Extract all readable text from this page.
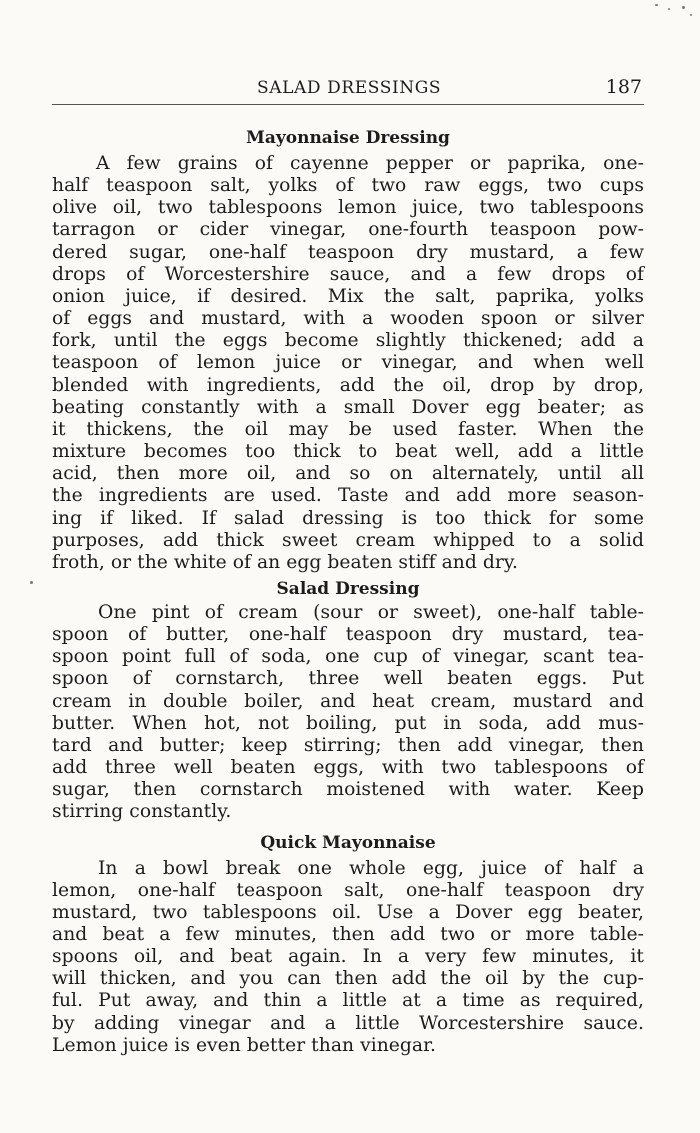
SALAD DRESSINGS	187
Mayonnaise Dressing
A few grains of cayenne pepper or paprika, one-
half teaspoon salt, yolks of two raw eggs, two cups
olive oil, two tablespoons lemon juice, two tablespoons
tarragon or cider vinegar, one-fourth teaspoon pow-
dered sugar, one-half teaspoon dry mustard, a few
drops of Worcestershire sauce, and a few drops of
onion juice, if desired. Mix the salt, paprika, yolks
of eggs and mustard, with a wooden spoon or silver
fork, until the eggs become slightly thickened; add a
teaspoon of lemon juice or vinegar, and when well
blended with ingredients, add the oil, drop by drop,
beating constantly with a small Dover egg beater; as
it thickens, the oil may be used faster. When the
mixture becomes too thick to beat well, add a little
acid, then more oil, and so on alternately, until all
the ingredients are used. Taste and add more season-
ing if liked. If salad dressing is too thick for some
purposes, add thick sweet cream whipped to a solid
froth, or the white of an egg beaten stiff and dry.
Salad Dressing
One pint of cream (sour or sweet), one-half table-
spoon of butter, one-half teaspoon dry mustard, tea-
spoon point full of soda, one cup of vinegar, scant tea-
spoon of cornstarch, three well beaten eggs. Put
cream in double boiler, and heat cream, mustard and
butter. When hot, not boiling, put in soda, add mus-
tard and butter; keep stirring; then add vinegar, then
add three well beaten eggs, with two tablespoons of
sugar, then cornstarch moistened with water. Keep
stirring constantly.
Quick Mayonnaise
In a bowl break one whole egg, juice of half a
lemon, one-half teaspoon salt, one-half teaspoon dry
mustard, two tablespoons oil. Use a Dover egg beater,
and beat a few minutes, then add two or more table-
spoons oil, and beat again. In a very few minutes, it
will thicken, and you can then add the oil by the cup-
ful. Put away, and thin a little at a time as required,
by adding vinegar and a little Worcestershire sauce.
Lemon juice is even better than vinegar.
